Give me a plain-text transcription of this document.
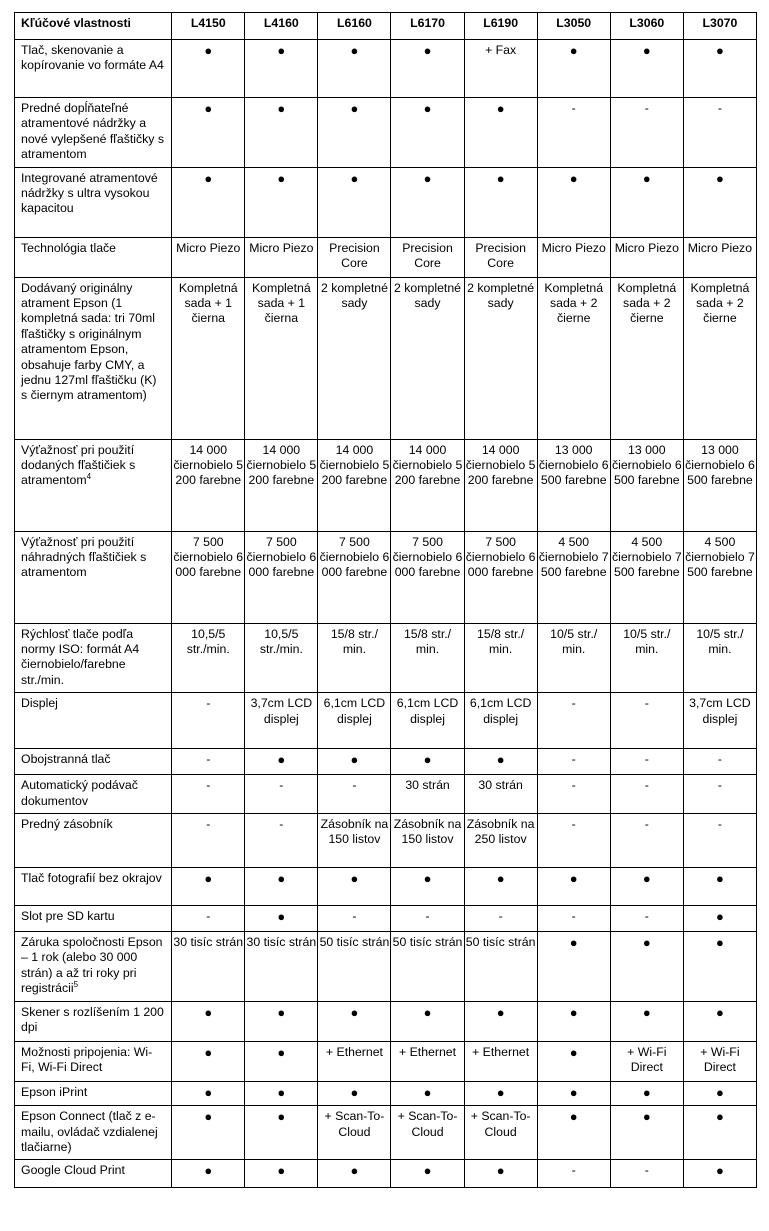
Kľúčové vlastnosti	L4150	L4160	L6160	L6170	L6190	L3050	L3060	L3070
Tlač, skenovanie a kopírovanie vo formáte A4	●	●	●	●	+ Fax	●	●	●
Predné dopĺňateľné atramentové nádržky a nové vylepšené fľaštičky s atramentom	●	●	●	●	●	-	-	-
Integrované atramentové nádržky s ultra vysokou kapacitou	●	●	●	●	●	●	●	●
Technológia tlače	Micro Piezo	Micro Piezo	Precision Core	Precision Core	Precision Core	Micro Piezo	Micro Piezo	Micro Piezo
Dodávaný originálny atrament Epson (1 kompletná sada: tri 70ml fľaštičky s originálnym atramentom Epson, obsahuje farby CMY, a jednu 127ml fľaštičku (K) s čiernym atramentom)	Kompletná sada + 1 čierna	Kompletná sada + 1 čierna	2 kompletné sady	2 kompletné sady	2 kompletné sady	Kompletná sada + 2 čierne	Kompletná sada + 2 čierne	Kompletná sada + 2 čierne
Výťažnosť pri použití dodaných fľaštičiek s atramentom$^4$	14 000 čiernobielo 5 200 farebne	14 000 čiernobielo 5 200 farebne	14 000 čiernobielo 5 200 farebne	14 000 čiernobielo 5 200 farebne	14 000 čiernobielo 5 200 farebne	13 000 čiernobielo 6 500 farebne	13 000 čiernobielo 6 500 farebne	13 000 čiernobielo 6 500 farebne
Výťažnosť pri použití náhradných fľaštičiek s atramentom	7 500 čiernobielo 6 000 farebne	7 500 čiernobielo 6 000 farebne	7 500 čiernobielo 6 000 farebne	7 500 čiernobielo 6 000 farebne	7 500 čiernobielo 6 000 farebne	4 500 čiernobielo 7 500 farebne	4 500 čiernobielo 7 500 farebne	4 500 čiernobielo 7 500 farebne
Rýchlosť tlače podľa normy ISO: formát A4 čiernobielo/farebne str./min.	10,5/5 str./min.	10,5/5 str./min.	15/8 str./ min.	15/8 str./ min.	15/8 str./ min.	10/5 str./ min.	10/5 str./ min.	10/5 str./ min.
Displej	-	3,7cm LCD displej	6,1cm LCD displej	6,1cm LCD displej	6,1cm LCD displej	-	-	3,7cm LCD displej
Obojstranná tlač	-	●	●	●	●	-	-	-
Automatický podávač dokumentov	-	-	-	30 strán	30 strán	-	-	-
Predný zásobník	-	-	Zásobník na 150 listov	Zásobník na 150 listov	Zásobník na 250 listov	-	-	-
Tlač fotografií bez okrajov	●	●	●	●	●	●	●	●
Slot pre SD kartu	-	●	-	-	-	-	-	●
Záruka spoločnosti Epson – 1 rok (alebo 30 000 strán) a až tri roky pri registrácii$^5$	30 tisíc strán	30 tisíc strán	50 tisíc strán	50 tisíc strán	50 tisíc strán	●	●	●
Skener s rozlíšením 1 200 dpi	●	●	●	●	●	●	●	●
Možnosti pripojenia: Wi-Fi, Wi-Fi Direct	●	●	+ Ethernet	+ Ethernet	+ Ethernet	●	+ Wi-Fi Direct	+ Wi-Fi Direct
Epson iPrint	●	●	●	●	●	●	●	●
Epson Connect (tlač z e-mailu, ovládač vzdialenej tlačiarne)	●	●	+ Scan-To-Cloud	+ Scan-To-Cloud	+ Scan-To-Cloud	●	●	●
Google Cloud Print	●	●	●	●	●	-	-	●
